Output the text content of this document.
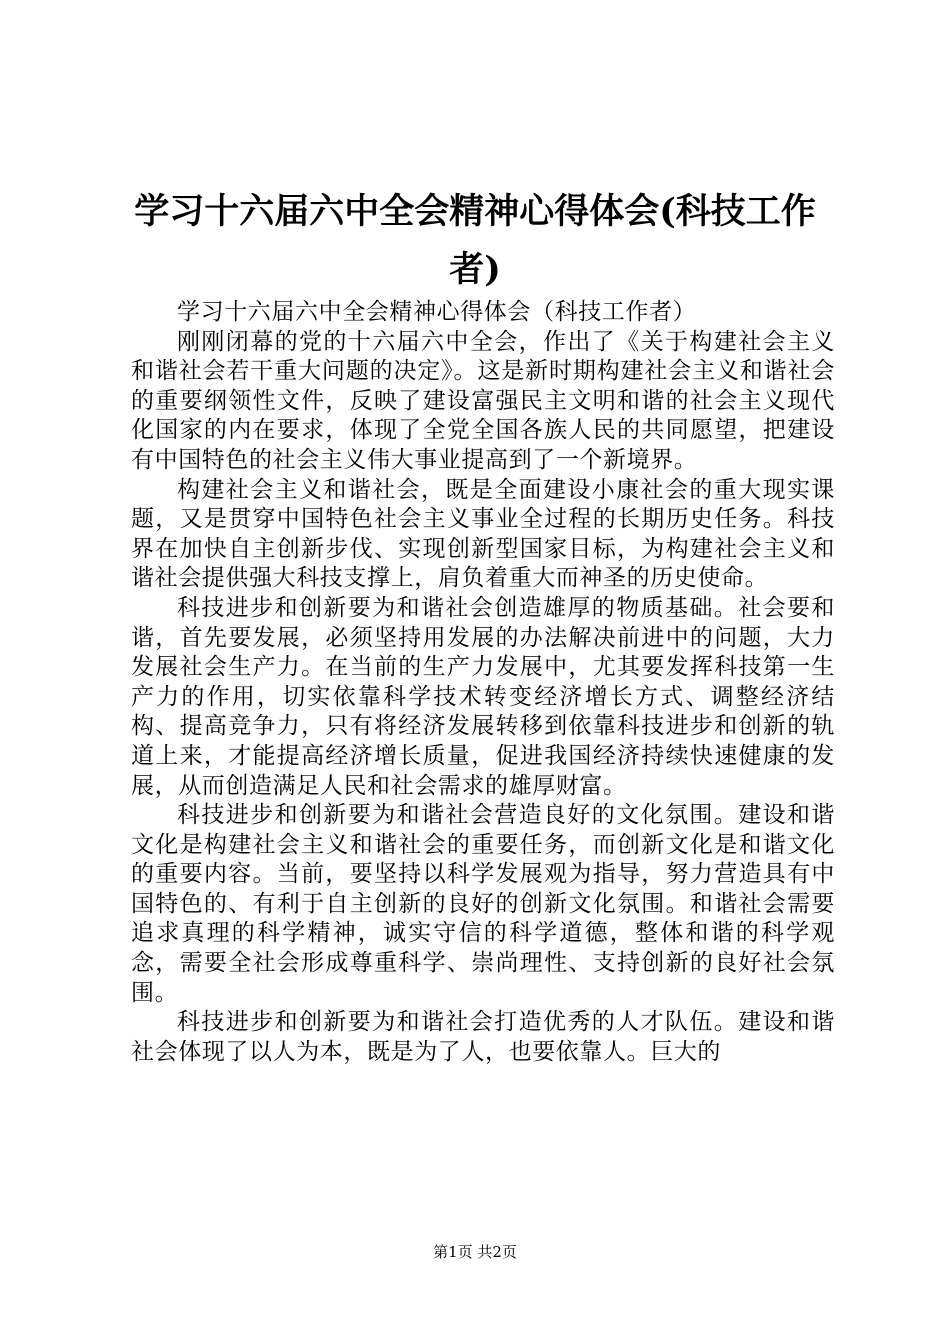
学习十六届六中全会精神心得体会(科技工作者)

学习十六届六中全会精神心得体会（科技工作者）

刚刚闭幕的党的十六届六中全会，作出了《关于构建社会主义和谐社会若干重大问题的决定》。这是新时期构建社会主义和谐社会的重要纲领性文件，反映了建设富强民主文明和谐的社会主义现代化国家的内在要求，体现了全党全国各族人民的共同愿望，把建设有中国特色的社会主义伟大事业提高到了一个新境界。

构建社会主义和谐社会，既是全面建设小康社会的重大现实课题，又是贯穿中国特色社会主义事业全过程的长期历史任务。科技界在加快自主创新步伐、实现创新型国家目标，为构建社会主义和谐社会提供强大科技支撑上，肩负着重大而神圣的历史使命。

科技进步和创新要为和谐社会创造雄厚的物质基础。社会要和谐，首先要发展，必须坚持用发展的办法解决前进中的问题，大力发展社会生产力。在当前的生产力发展中，尤其要发挥科技第一生产力的作用，切实依靠科学技术转变经济增长方式、调整经济结构、提高竞争力，只有将经济发展转移到依靠科技进步和创新的轨道上来，才能提高经济增长质量，促进我国经济持续快速健康的发展，从而创造满足人民和社会需求的雄厚财富。

科技进步和创新要为和谐社会营造良好的文化氛围。建设和谐文化是构建社会主义和谐社会的重要任务，而创新文化是和谐文化的重要内容。当前，要坚持以科学发展观为指导，努力营造具有中国特色的、有利于自主创新的良好的创新文化氛围。和谐社会需要追求真理的科学精神，诚实守信的科学道德，整体和谐的科学观念，需要全社会形成尊重科学、崇尚理性、支持创新的良好社会氛围。

科技进步和创新要为和谐社会打造优秀的人才队伍。建设和谐社会体现了以人为本，既是为了人，也要依靠人。巨大的

第1页 共2页
